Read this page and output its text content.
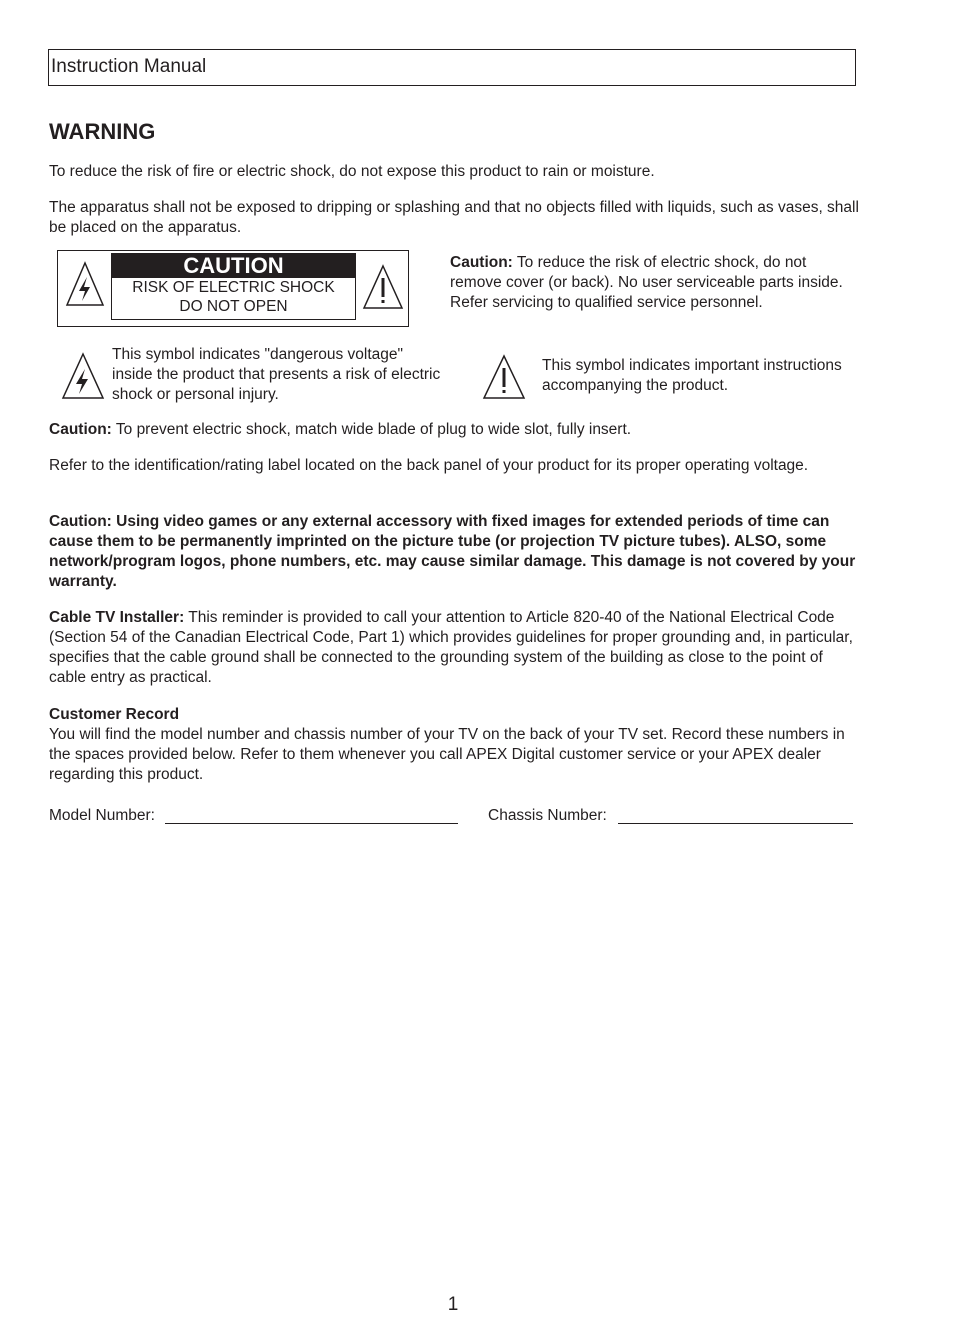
Instruction Manual
WARNING
To reduce the risk of fire or electric shock, do not expose this product to rain or moisture.
The apparatus shall not be exposed to dripping or splashing and that no objects filled with liquids, such as vases, shall be placed on the apparatus.
CAUTION
RISK OF ELECTRIC SHOCK
DO NOT OPEN
Caution: To reduce the risk of electric shock, do not remove cover (or back). No user serviceable parts inside. Refer servicing to qualified service personnel.
This symbol indicates "dangerous voltage" inside the product that presents a risk of electric shock or personal injury.
This symbol indicates important instructions accompanying the product.
Caution: To prevent electric shock, match wide blade of plug to wide slot, fully insert.
Refer to the identification/rating label located on the back panel of your product for its proper operating voltage.
Caution: Using video games or any external accessory with fixed images for extended periods of time can cause them to be permanently imprinted on the picture tube (or projection TV picture tubes). ALSO, some network/program logos, phone numbers, etc. may cause similar damage. This damage is not covered by your warranty.
Cable TV Installer: This reminder is provided to call your attention to Article 820-40 of the National Electrical Code (Section 54 of the Canadian Electrical Code, Part 1) which provides guidelines for proper grounding and, in particular, specifies that the cable ground shall be connected to the grounding system of the building as close to the point of cable entry as practical.
Customer Record
You will find the model number and chassis number of your TV on the back of your TV set. Record these numbers in the spaces provided below. Refer to them whenever you call APEX Digital customer service or your APEX dealer regarding this product.
Model Number:	Chassis Number:
1
